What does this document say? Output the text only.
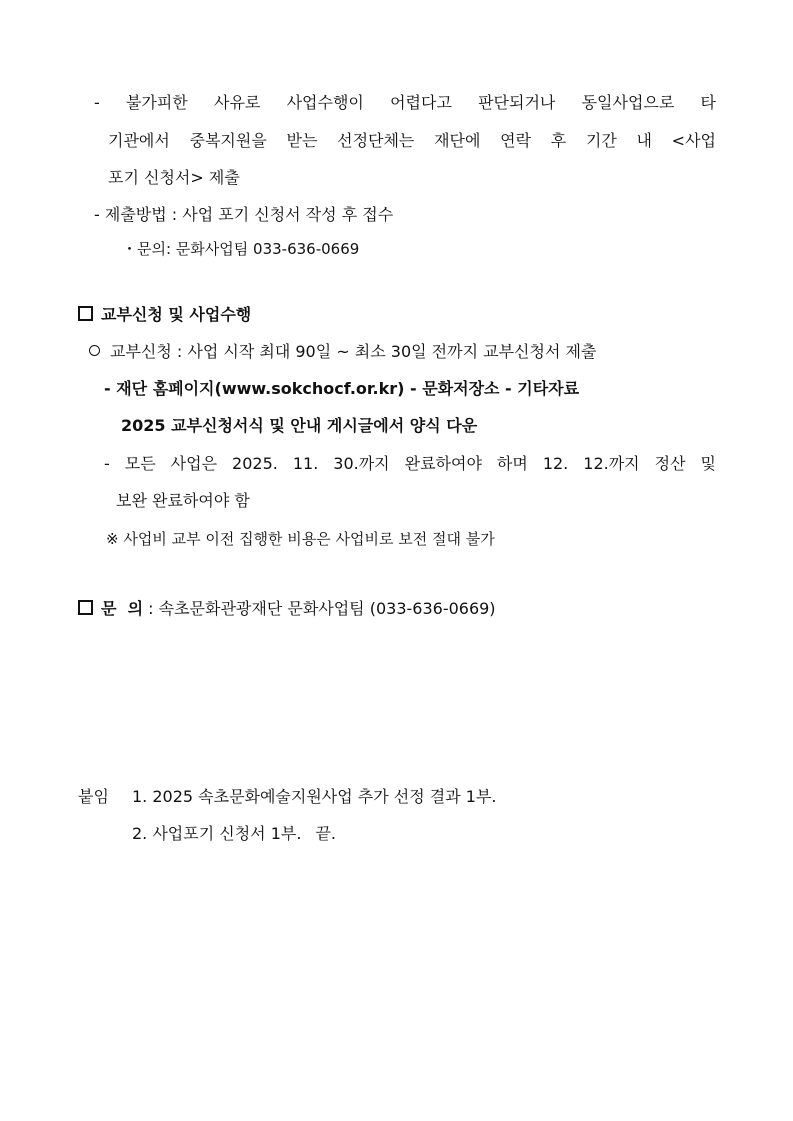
- 불가피한 사유로 사업수행이 어렵다고 판단되거나 동일사업으로 타
기관에서 중복지원을 받는 선정단체는 재단에 연락 후 기간 내 <사업
포기 신청서> 제출
- 제출방법 : 사업 포기 신청서 작성 후 접수
・문의: 문화사업팀 033-636-0669
교부신청 및 사업수행
교부신청 : 사업 시작 최대 90일 ~ 최소 30일 전까지 교부신청서 제출
- 재단 홈페이지(www.sokchocf.or.kr) - 문화저장소 - 기타자료
2025 교부신청서식 및 안내 게시글에서 양식 다운
- 모든 사업은 2025. 11. 30.까지 완료하여야 하며 12. 12.까지 정산 및
보완 완료하여야 함
※ 사업비 교부 이전 집행한 비용은 사업비로 보전 절대 불가
문  의 : 속초문화관광재단 문화사업팀 (033-636-0669)
붙임 1. 2025 속초문화예술지원사업 추가 선정 결과 1부.
2. 사업포기 신청서 1부. 끝.
